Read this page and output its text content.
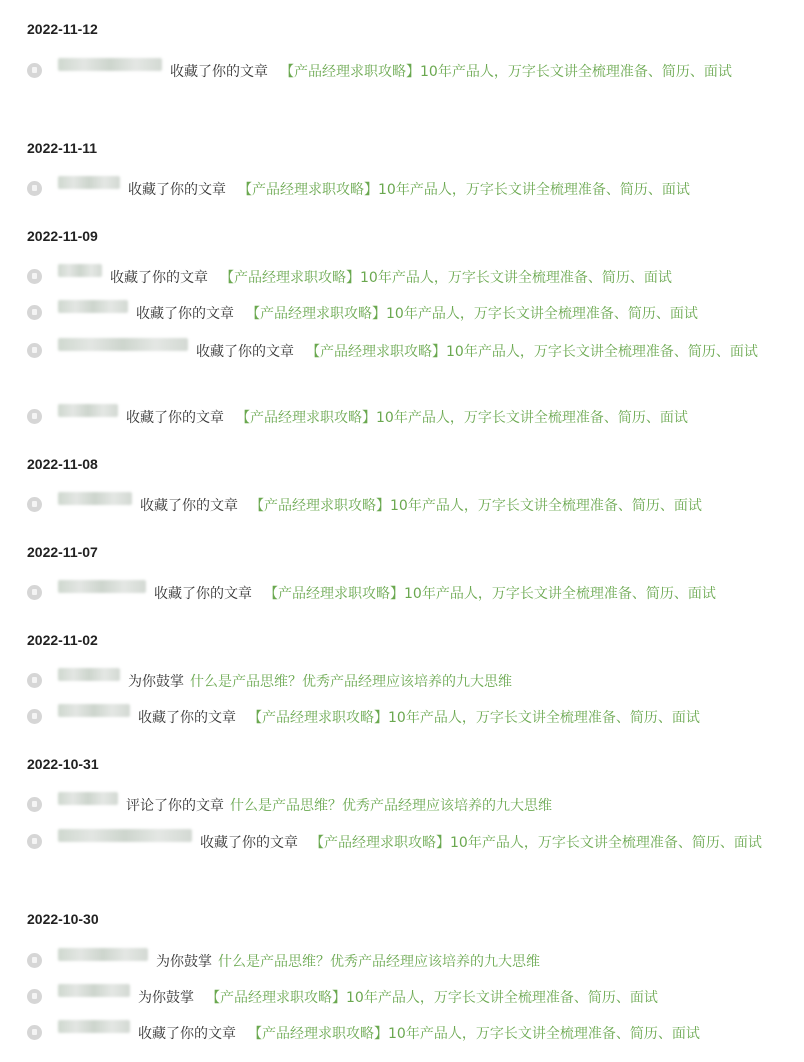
2022-11-12
收藏了你的文章 【产品经理求职攻略】10年产品人，万字长文讲全梳理准备、简历、面试
2022-11-11
收藏了你的文章 【产品经理求职攻略】10年产品人，万字长文讲全梳理准备、简历、面试
2022-11-09
收藏了你的文章 【产品经理求职攻略】10年产品人，万字长文讲全梳理准备、简历、面试
收藏了你的文章 【产品经理求职攻略】10年产品人，万字长文讲全梳理准备、简历、面试
收藏了你的文章 【产品经理求职攻略】10年产品人，万字长文讲全梳理准备、简历、面试
收藏了你的文章 【产品经理求职攻略】10年产品人，万字长文讲全梳理准备、简历、面试
2022-11-08
收藏了你的文章 【产品经理求职攻略】10年产品人，万字长文讲全梳理准备、简历、面试
2022-11-07
收藏了你的文章 【产品经理求职攻略】10年产品人，万字长文讲全梳理准备、简历、面试
2022-11-02
为你鼓掌 什么是产品思维？优秀产品经理应该培养的九大思维
收藏了你的文章 【产品经理求职攻略】10年产品人，万字长文讲全梳理准备、简历、面试
2022-10-31
评论了你的文章 什么是产品思维？优秀产品经理应该培养的九大思维
收藏了你的文章 【产品经理求职攻略】10年产品人，万字长文讲全梳理准备、简历、面试
2022-10-30
为你鼓掌 什么是产品思维？优秀产品经理应该培养的九大思维
为你鼓掌 【产品经理求职攻略】10年产品人，万字长文讲全梳理准备、简历、面试
收藏了你的文章 【产品经理求职攻略】10年产品人，万字长文讲全梳理准备、简历、面试
